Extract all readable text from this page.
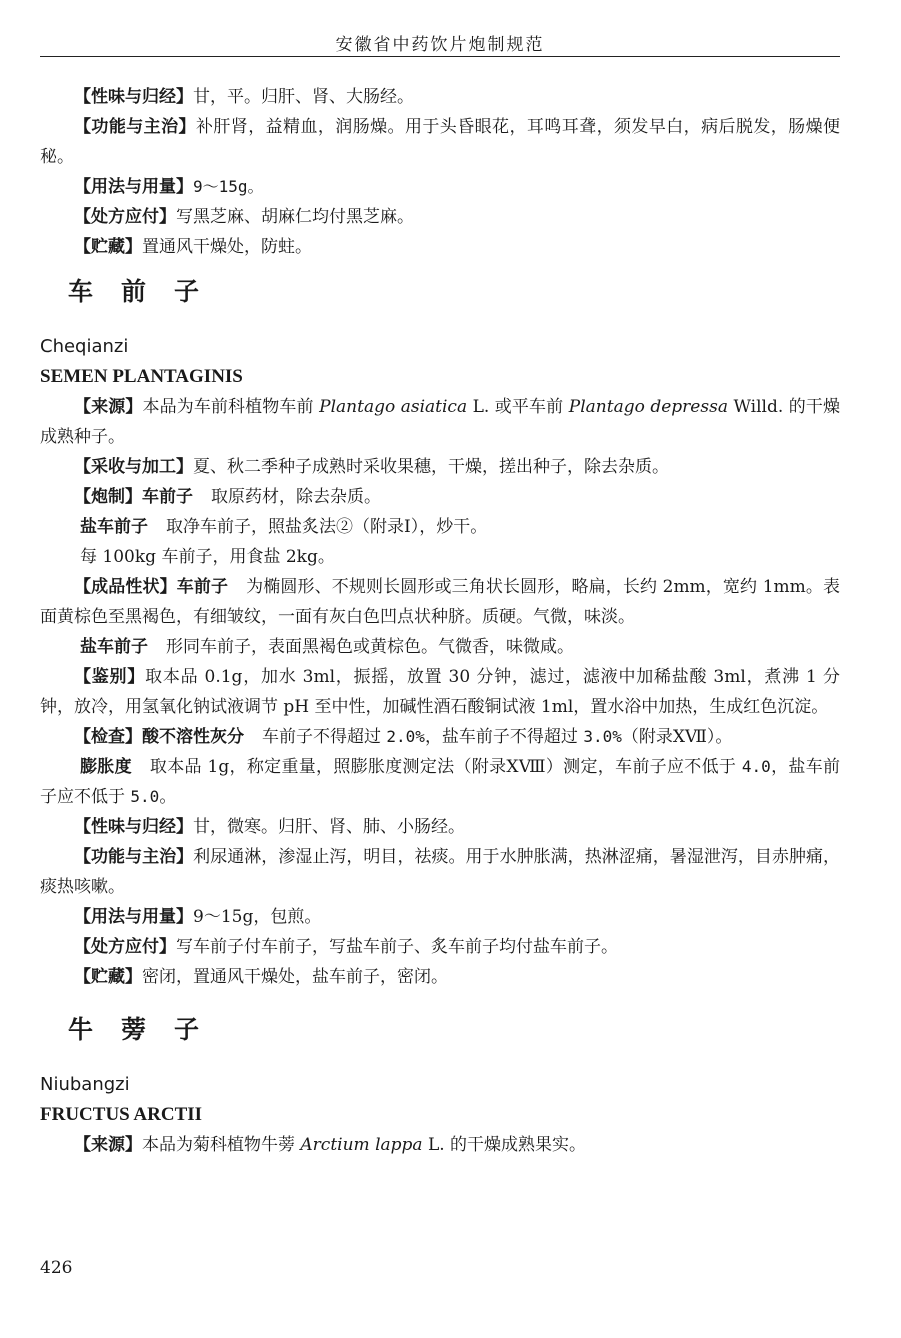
安徽省中药饮片炮制规范

【性味与归经】甘，平。归肝、肾、大肠经。

【功能与主治】补肝肾，益精血，润肠燥。用于头昏眼花，耳鸣耳聋，须发早白，病后脱发，肠燥便秘。

【用法与用量】9～15g。

【处方应付】写黑芝麻、胡麻仁均付黑芝麻。

【贮藏】置通风干燥处，防蛀。

车前子

Cheqianzi

SEMEN PLANTAGINIS

【来源】本品为车前科植物车前 Plantago asiatica L. 或平车前 Plantago depressa Willd. 的干燥成熟种子。

【采收与加工】夏、秋二季种子成熟时采收果穗，干燥，搓出种子，除去杂质。

【炮制】车前子 取原药材，除去杂质。

盐车前子 取净车前子，照盐炙法②（附录Ⅰ），炒干。

每 100kg 车前子，用食盐 2kg。

【成品性状】车前子 为椭圆形、不规则长圆形或三角状长圆形，略扁，长约 2mm，宽约 1mm。表面黄棕色至黑褐色，有细皱纹，一面有灰白色凹点状种脐。质硬。气微，味淡。

盐车前子 形同车前子，表面黑褐色或黄棕色。气微香，味微咸。

【鉴别】取本品 0.1g，加水 3ml，振摇，放置 30 分钟，滤过，滤液中加稀盐酸 3ml，煮沸 1 分钟，放冷，用氢氧化钠试液调节 pH 至中性，加碱性酒石酸铜试液 1ml，置水浴中加热，生成红色沉淀。

【检查】酸不溶性灰分 车前子不得超过 2.0%，盐车前子不得超过 3.0%（附录ⅩⅦ）。

膨胀度 取本品 1g，称定重量，照膨胀度测定法（附录ⅩⅧ）测定，车前子应不低于 4.0，盐车前子应不低于 5.0。

【性味与归经】甘，微寒。归肝、肾、肺、小肠经。

【功能与主治】利尿通淋，渗湿止泻，明目，祛痰。用于水肿胀满，热淋涩痛，暑湿泄泻，目赤肿痛，痰热咳嗽。

【用法与用量】9～15g，包煎。

【处方应付】写车前子付车前子，写盐车前子、炙车前子均付盐车前子。

【贮藏】密闭，置通风干燥处，盐车前子，密闭。

牛蒡子

Niubangzi

FRUCTUS ARCTII

【来源】本品为菊科植物牛蒡 Arctium lappa L. 的干燥成熟果实。

426
